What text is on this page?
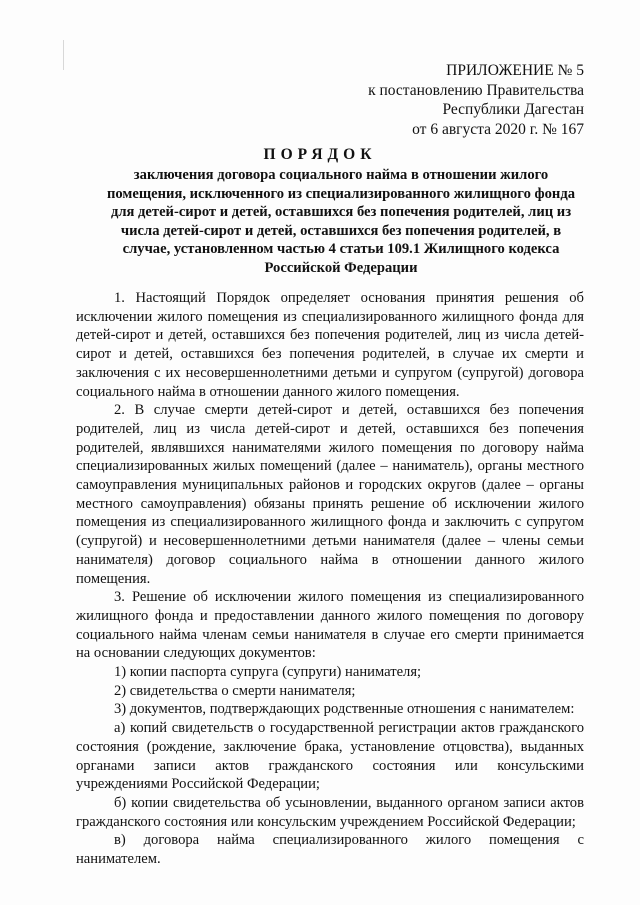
ПРИЛОЖЕНИЕ № 5
к постановлению Правительства
Республики Дагестан
от 6 августа 2020 г. № 167
ПОРЯДОК
заключения договора социального найма в отношении жилого помещения, исключенного из специализированного жилищного фонда для детей-сирот и детей, оставшихся без попечения родителей, лиц из числа детей-сирот и детей, оставшихся без попечения родителей, в случае, установленном частью 4 статьи 109.1 Жилищного кодекса Российской Федерации

1. Настоящий Порядок определяет основания принятия решения об исключении жилого помещения из специализированного жилищного фонда для детей-сирот и детей, оставшихся без попечения родителей, лиц из числа детей-сирот и детей, оставшихся без попечения родителей, в случае их смерти и заключения с их несовершеннолетними детьми и супругом (супругой) договора социального найма в отношении данного жилого помещения.

2. В случае смерти детей-сирот и детей, оставшихся без попечения родителей, лиц из числа детей-сирот и детей, оставшихся без попечения родителей, являвшихся нанимателями жилого помещения по договору найма специализированных жилых помещений (далее – наниматель), органы местного самоуправления муниципальных районов и городских округов (далее – органы местного самоуправления) обязаны принять решение об исключении жилого помещения из специализированного жилищного фонда и заключить с супругом (супругой) и несовершеннолетними детьми нанимателя (далее – члены семьи нанимателя) договор социального найма в отношении данного жилого помещения.

3. Решение об исключении жилого помещения из специализированного жилищного фонда и предоставлении данного жилого помещения по договору социального найма членам семьи нанимателя в случае его смерти принимается на основании следующих документов:

1) копии паспорта супруга (супруги) нанимателя;

2) свидетельства о смерти нанимателя;

3) документов, подтверждающих родственные отношения с нанимателем:

а) копий свидетельств о государственной регистрации актов гражданского состояния (рождение, заключение брака, установление отцовства), выданных органами записи актов гражданского состояния или консульскими учреждениями Российской Федерации;

б) копии свидетельства об усыновлении, выданного органом записи актов гражданского состояния или консульским учреждением Российской Федерации;

в) договора найма специализированного жилого помещения с нанимателем.
